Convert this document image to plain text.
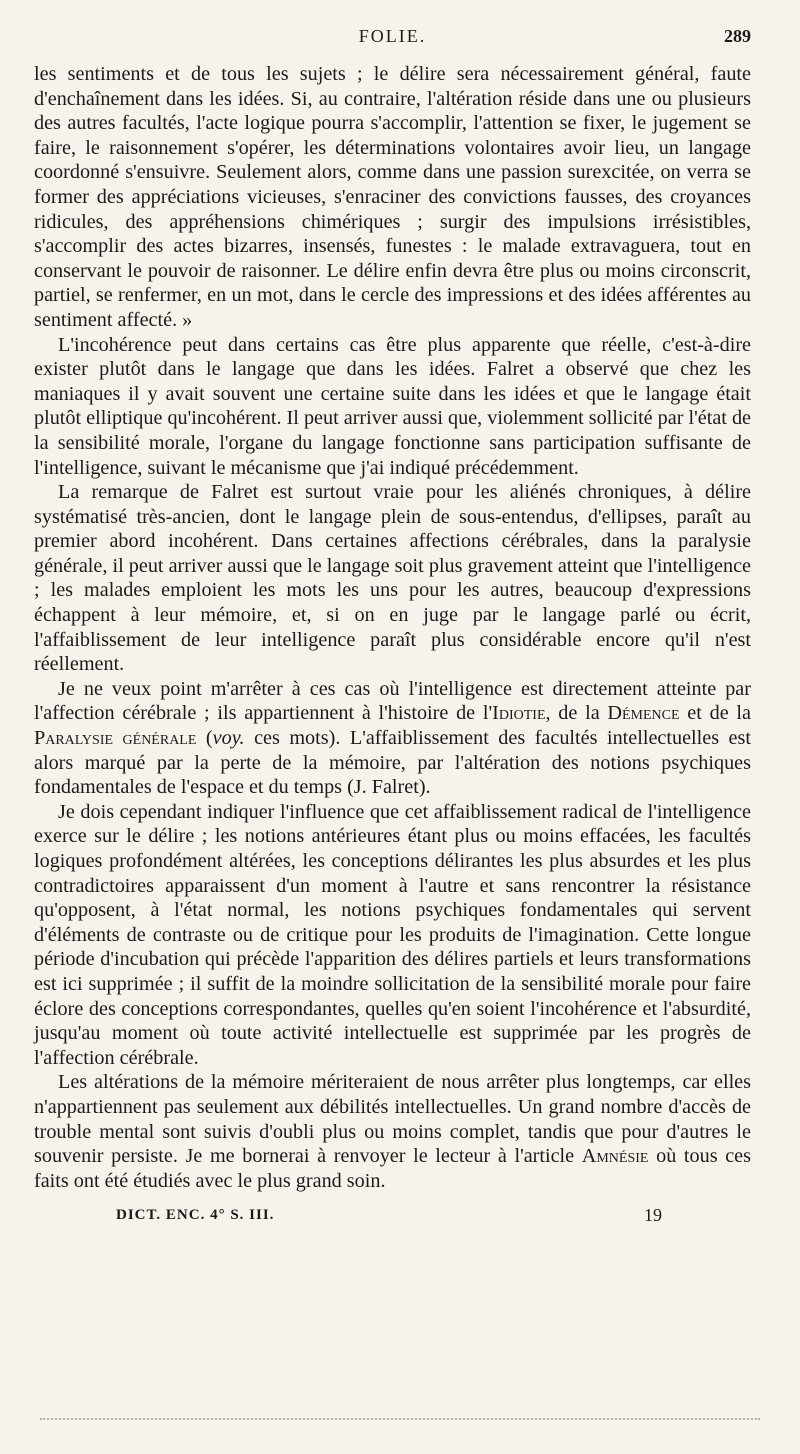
FOLIE.	289

les sentiments et de tous les sujets ; le délire sera nécessairement général, faute d'enchaînement dans les idées. Si, au contraire, l'altération réside dans une ou plusieurs des autres facultés, l'acte logique pourra s'accomplir, l'attention se fixer, le jugement se faire, le raisonnement s'opérer, les déterminations volontaires avoir lieu, un langage coordonné s'ensuivre. Seulement alors, comme dans une passion surexcitée, on verra se former des appréciations vicieuses, s'enraciner des convictions fausses, des croyances ridicules, des appréhensions chimériques ; surgir des impulsions irrésistibles, s'accomplir des actes bizarres, insensés, funestes : le malade extravaguera, tout en conservant le pouvoir de raisonner. Le délire enfin devra être plus ou moins circonscrit, partiel, se renfermer, en un mot, dans le cercle des impressions et des idées afférentes au sentiment affecté. »

L'incohérence peut dans certains cas être plus apparente que réelle, c'est-à-dire exister plutôt dans le langage que dans les idées. Falret a observé que chez les maniaques il y avait souvent une certaine suite dans les idées et que le langage était plutôt elliptique qu'incohérent. Il peut arriver aussi que, violemment sollicité par l'état de la sensibilité morale, l'organe du langage fonctionne sans participation suffisante de l'intelligence, suivant le mécanisme que j'ai indiqué précédemment.

La remarque de Falret est surtout vraie pour les aliénés chroniques, à délire systématisé très-ancien, dont le langage plein de sous-entendus, d'ellipses, paraît au premier abord incohérent. Dans certaines affections cérébrales, dans la paralysie générale, il peut arriver aussi que le langage soit plus gravement atteint que l'intelligence ; les malades emploient les mots les uns pour les autres, beaucoup d'expressions échappent à leur mémoire, et, si on en juge par le langage parlé ou écrit, l'affaiblissement de leur intelligence paraît plus considérable encore qu'il n'est réellement.

Je ne veux point m'arrêter à ces cas où l'intelligence est directement atteinte par l'affection cérébrale ; ils appartiennent à l'histoire de l'Idiotie, de la Démence et de la Paralysie générale (voy. ces mots). L'affaiblissement des facultés intellectuelles est alors marqué par la perte de la mémoire, par l'altération des notions psychiques fondamentales de l'espace et du temps (J. Falret).

Je dois cependant indiquer l'influence que cet affaiblissement radical de l'intelligence exerce sur le délire ; les notions antérieures étant plus ou moins effacées, les facultés logiques profondément altérées, les conceptions délirantes les plus absurdes et les plus contradictoires apparaissent d'un moment à l'autre et sans rencontrer la résistance qu'opposent, à l'état normal, les notions psychiques fondamentales qui servent d'éléments de contraste ou de critique pour les produits de l'imagination. Cette longue période d'incubation qui précède l'apparition des délires partiels et leurs transformations est ici supprimée ; il suffit de la moindre sollicitation de la sensibilité morale pour faire éclore des conceptions correspondantes, quelles qu'en soient l'incohérence et l'absurdité, jusqu'au moment où toute activité intellectuelle est supprimée par les progrès de l'affection cérébrale.

Les altérations de la mémoire mériteraient de nous arrêter plus longtemps, car elles n'appartiennent pas seulement aux débilités intellectuelles. Un grand nombre d'accès de trouble mental sont suivis d'oubli plus ou moins complet, tandis que pour d'autres le souvenir persiste. Je me bornerai à renvoyer le lecteur à l'article Amnésie où tous ces faits ont été étudiés avec le plus grand soin.

DICT. ENC. 4° S. III.	19
